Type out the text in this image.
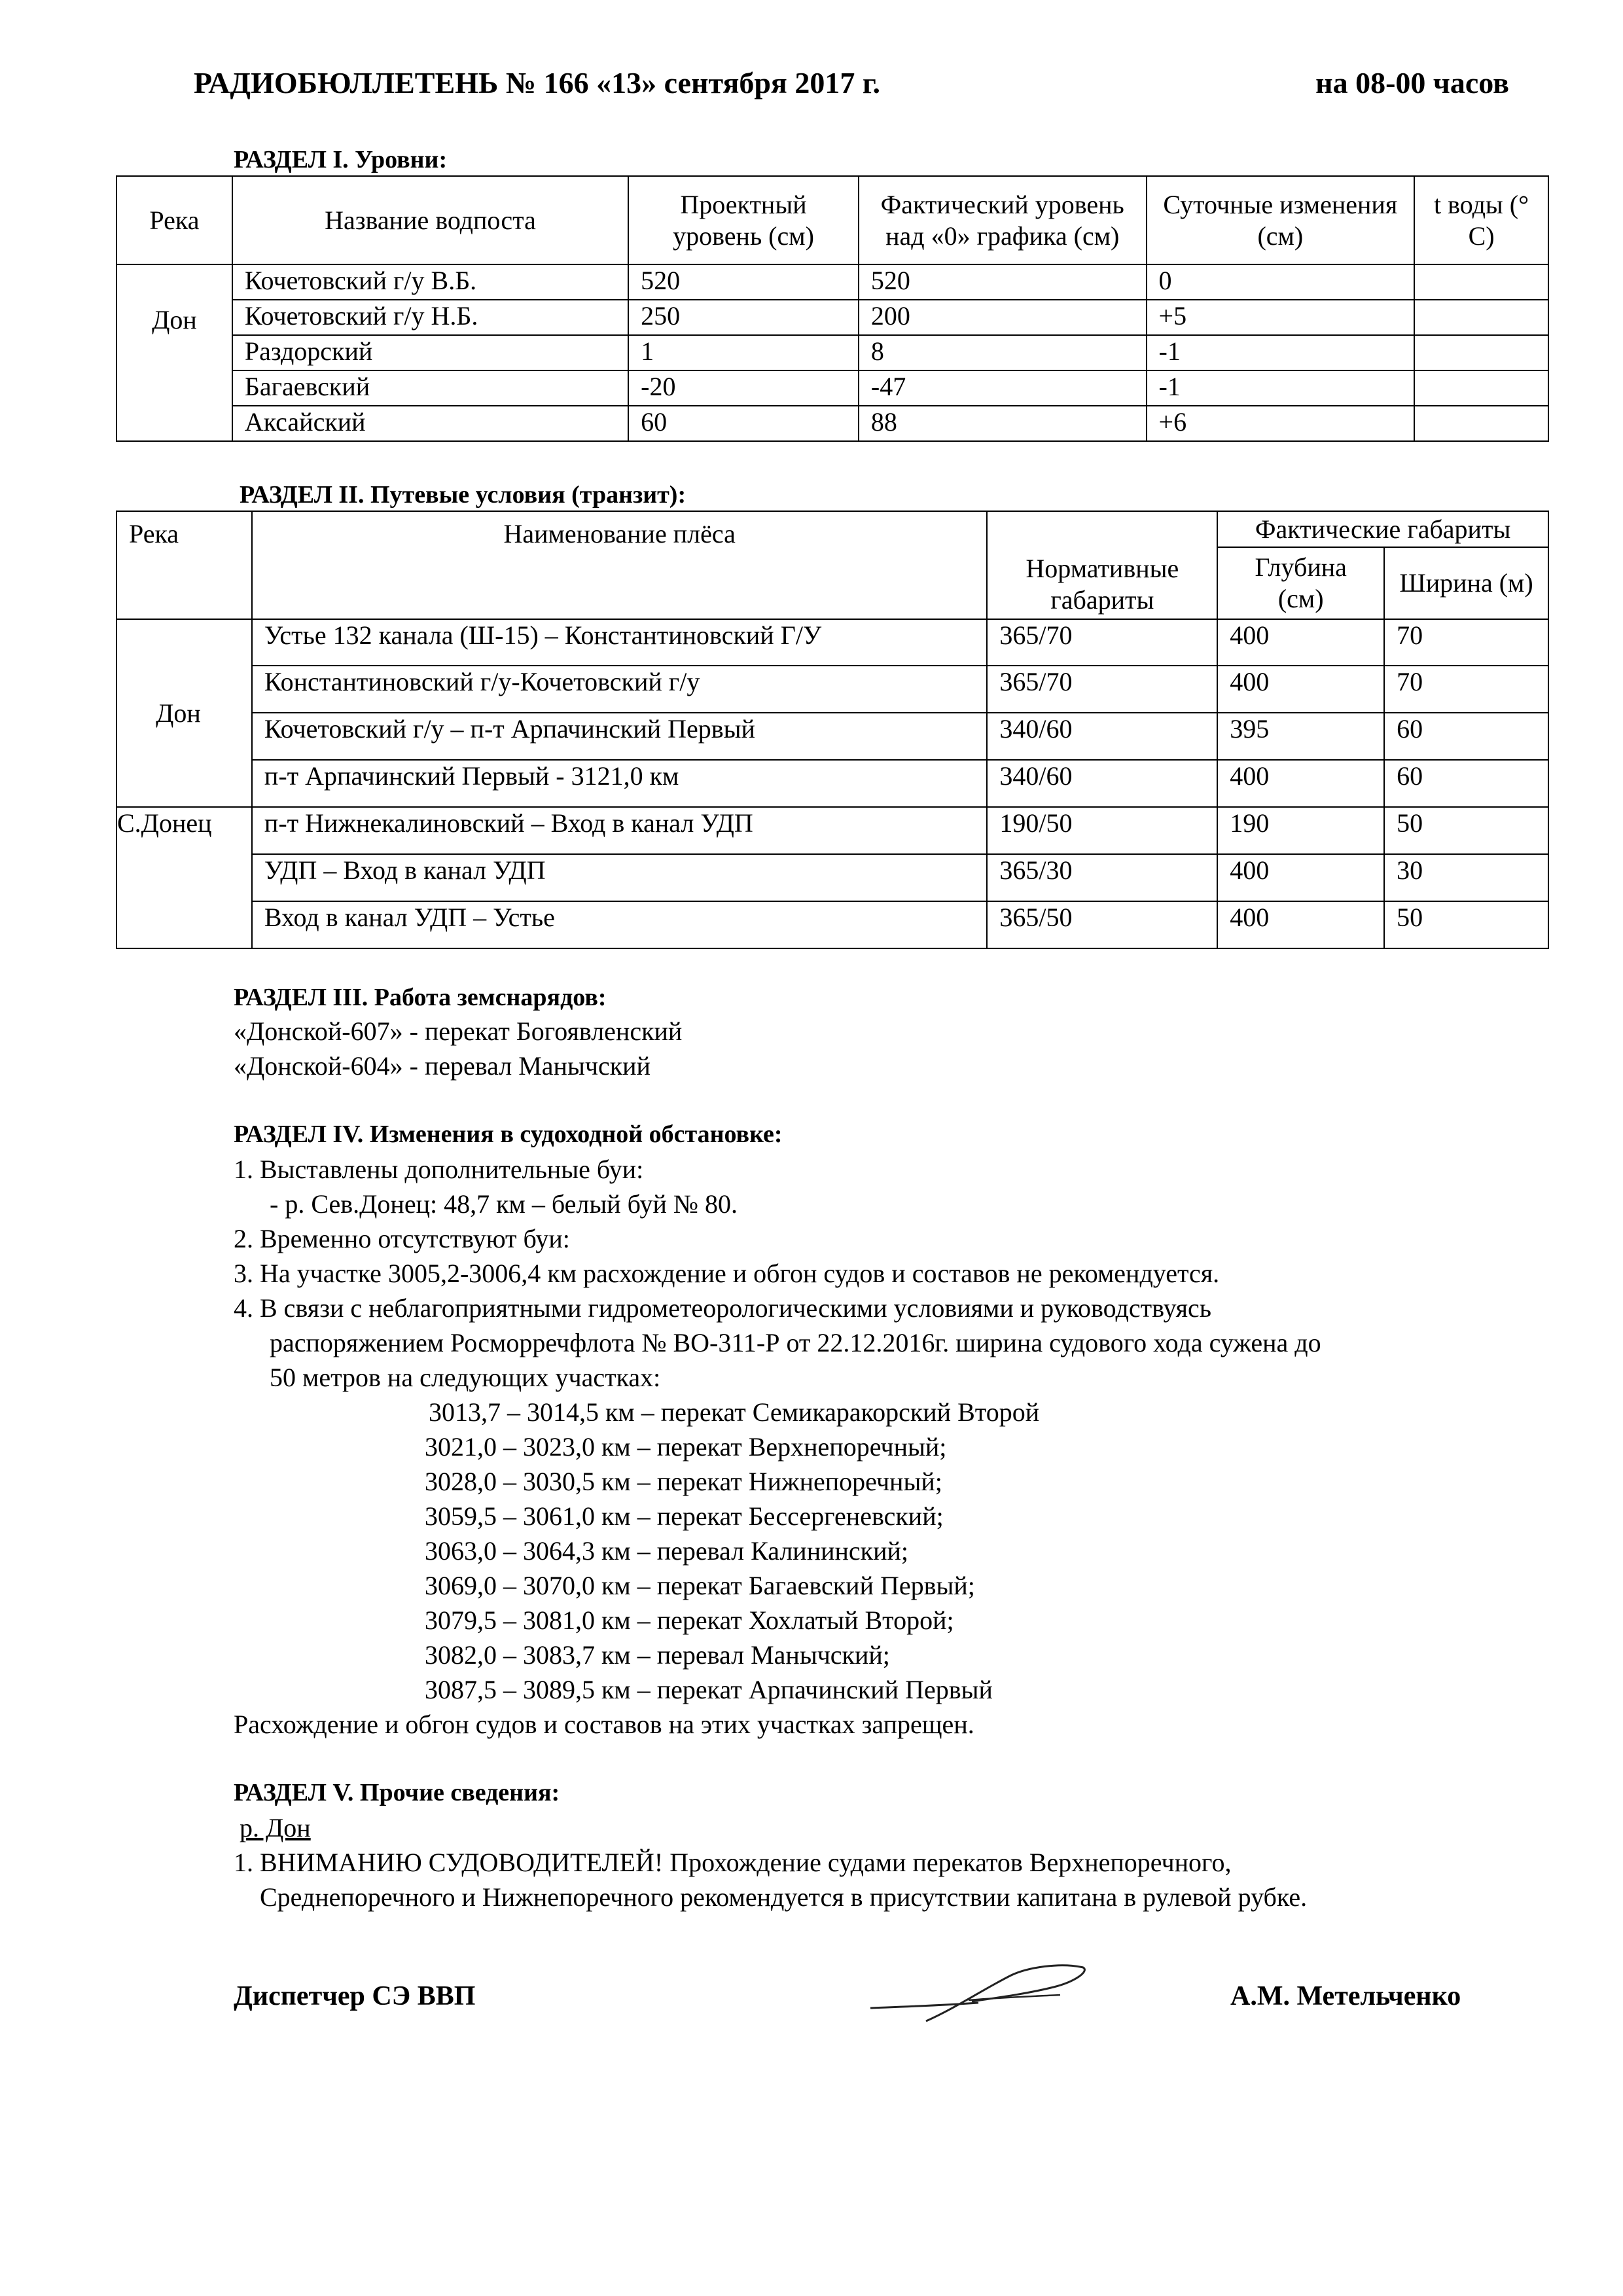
РАДИОБЮЛЛЕТЕНЬ № 166 «13» сентября 2017 г.	на 08-00 часов
РАЗДЕЛ I. Уровни:
Река	Название водпоста	Проектный уровень (см)	Фактический уровень над «0» графика (см)	Суточные изменения (см)	t воды (° С)
Дон	Кочетовский г/у В.Б.	520	520	0	
	Кочетовский г/у Н.Б.	250	200	+5	
	Раздорский	1	8	-1	
	Багаевский	-20	-47	-1	
	Аксайский	60	88	+6	
РАЗДЕЛ II. Путевые условия (транзит):
Река	Наименование плёса	Нормативные габариты	Фактические габариты	
			Глубина (см)	Ширина (м)
Дон	Устье 132 канала (Ш-15) – Константиновский Г/У	365/70	400	70
	Константиновский г/у-Кочетовский г/у	365/70	400	70
	Кочетовский г/у – п-т Арпачинский Первый	340/60	395	60
	п-т Арпачинский Первый - 3121,0 км	340/60	400	60
С.Донец	п-т Нижнекалиновский – Вход в канал УДП	190/50	190	50
	УДП – Вход в канал УДП	365/30	400	30
	Вход в канал УДП – Устье	365/50	400	50
РАЗДЕЛ III. Работа земснарядов:
«Донской-607» - перекат Богоявленский
«Донской-604» - перевал Манычский
РАЗДЕЛ IV. Изменения в судоходной обстановке:
1. Выставлены дополнительные буи:
- р. Сев.Донец: 48,7 км – белый буй № 80.
2. Временно отсутствуют буи:
3. На участке 3005,2-3006,4 км расхождение и обгон судов и составов не рекомендуется.
4. В связи с неблагоприятными гидрометеорологическими условиями и руководствуясь
распоряжением Росморречфлота № ВО-311-Р от 22.12.2016г. ширина судового хода сужена до
50 метров на следующих участках:
3013,7 – 3014,5 км – перекат Семикаракорский Второй
3021,0 – 3023,0 км – перекат Верхнепоречный;
3028,0 – 3030,5 км – перекат Нижнепоречный;
3059,5 – 3061,0 км – перекат Бессергеневский;
3063,0 – 3064,3 км – перевал Калининский;
3069,0 – 3070,0 км – перекат Багаевский Первый;
3079,5 – 3081,0 км – перекат Хохлатый Второй;
3082,0 – 3083,7 км – перевал Манычский;
3087,5 – 3089,5 км – перекат Арпачинский Первый
Расхождение и обгон судов и составов на этих участках запрещен.
РАЗДЕЛ V. Прочие сведения:
р. Дон
1. ВНИМАНИЮ СУДОВОДИТЕЛЕЙ! Прохождение судами перекатов Верхнепоречного,
Среднепоречного и Нижнепоречного рекомендуется в присутствии капитана в рулевой рубке.
Диспетчер СЭ ВВП	А.М. Метельченко
